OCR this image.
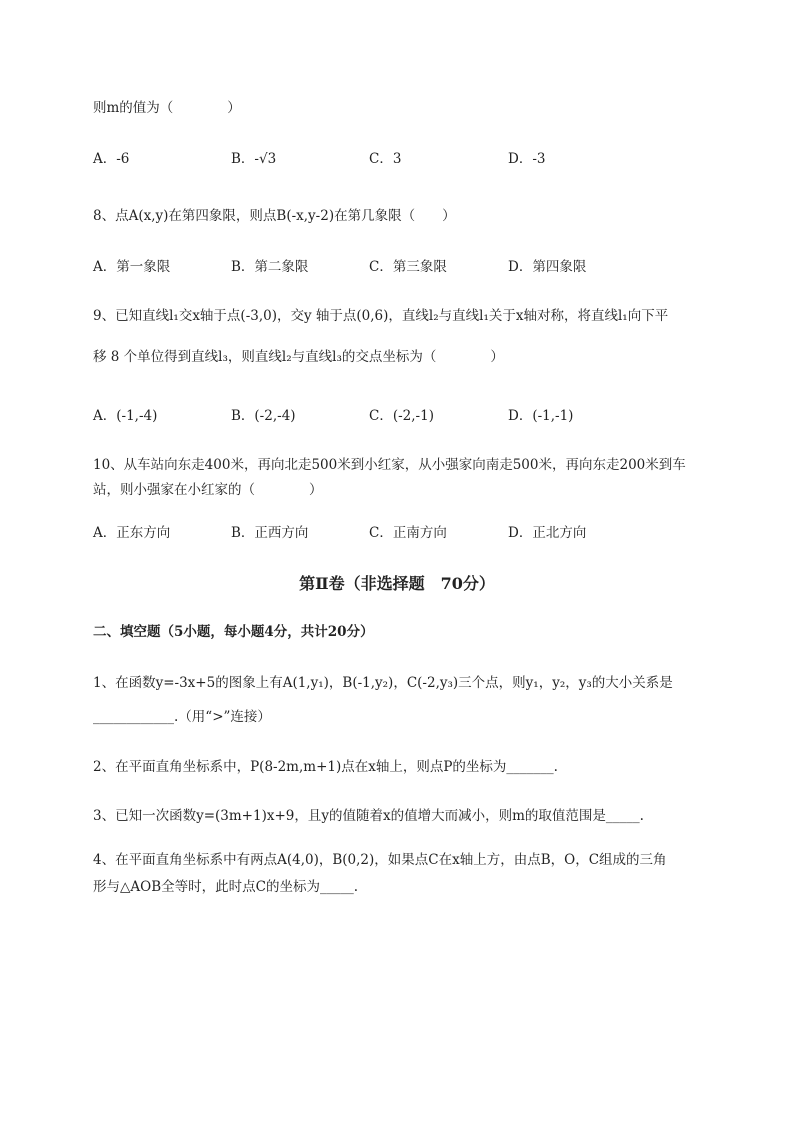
则m的值为（　　　　）
A．-6	B．-√3	C．3	D．-3
8、点A(x,y)在第四象限，则点B(-x,y-2)在第几象限（　　）
A．第一象限	B．第二象限	C．第三象限	D．第四象限
9、已知直线l₁交x轴于点(-3,0)，交y 轴于点(0,6)，直线l₂与直线l₁关于x轴对称，将直线l₁向下平
移 8 个单位得到直线l₃，则直线l₂与直线l₃的交点坐标为（　　　　）
A．(-1,-4)	B．(-2,-4)	C．(-2,-1)	D．(-1,-1)
10、从车站向东走400米，再向北走500米到小红家，从小强家向南走500米，再向东走200米到车
站，则小强家在小红家的（　　　　）
A．正东方向	B．正西方向	C．正南方向	D．正北方向
第Ⅱ卷（非选择题　70分）
二、填空题（5小题，每小题4分，共计20分）
1、在函数y=-3x+5的图象上有A(1,y₁)，B(-1,y₂)，C(-2,y₃)三个点，则y₁，y₂，y₃的大小关系是
____________.（用“>”连接）
2、在平面直角坐标系中，P(8-2m,m+1)点在x轴上，则点P的坐标为_______.
3、已知一次函数y=(3m+1)x+9，且y的值随着x的值增大而减小，则m的取值范围是_____.
4、在平面直角坐标系中有两点A(4,0)，B(0,2)，如果点C在x轴上方，由点B，O，C组成的三角
形与△AOB全等时，此时点C的坐标为_____.
